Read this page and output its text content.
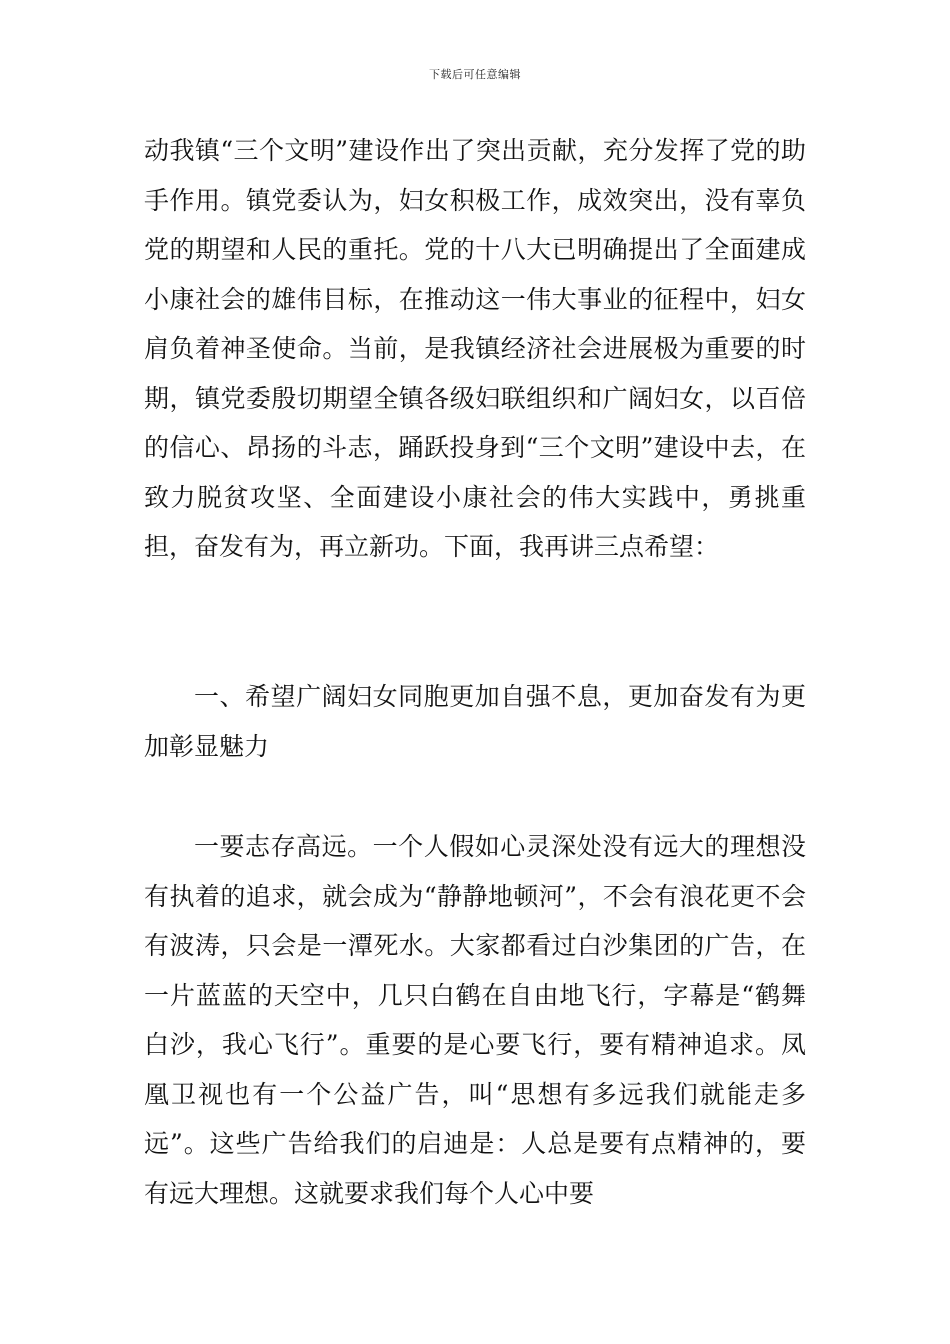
下载后可任意编辑

动我镇“三个文明”建设作出了突出贡献，充分发挥了党的助手作用。镇党委认为，妇女积极工作，成效突出，没有辜负党的期望和人民的重托。党的十八大已明确提出了全面建成小康社会的雄伟目标，在推动这一伟大事业的征程中，妇女肩负着神圣使命。当前，是我镇经济社会进展极为重要的时期，镇党委殷切期望全镇各级妇联组织和广阔妇女，以百倍的信心、昂扬的斗志，踊跃投身到“三个文明”建设中去，在致力脱贫攻坚、全面建设小康社会的伟大实践中，勇挑重担，奋发有为，再立新功。下面，我再讲三点希望：

一、希望广阔妇女同胞更加自强不息，更加奋发有为更加彰显魅力

一要志存高远。一个人假如心灵深处没有远大的理想没有执着的追求，就会成为“静静地顿河”，不会有浪花更不会有波涛，只会是一潭死水。大家都看过白沙集团的广告，在一片蓝蓝的天空中，几只白鹤在自由地飞行，字幕是“鹤舞白沙，我心飞行”。重要的是心要飞行，要有精神追求。凤凰卫视也有一个公益广告，叫“思想有多远我们就能走多远”。这些广告给我们的启迪是：人总是要有点精神的，要有远大理想。这就要求我们每个人心中要
